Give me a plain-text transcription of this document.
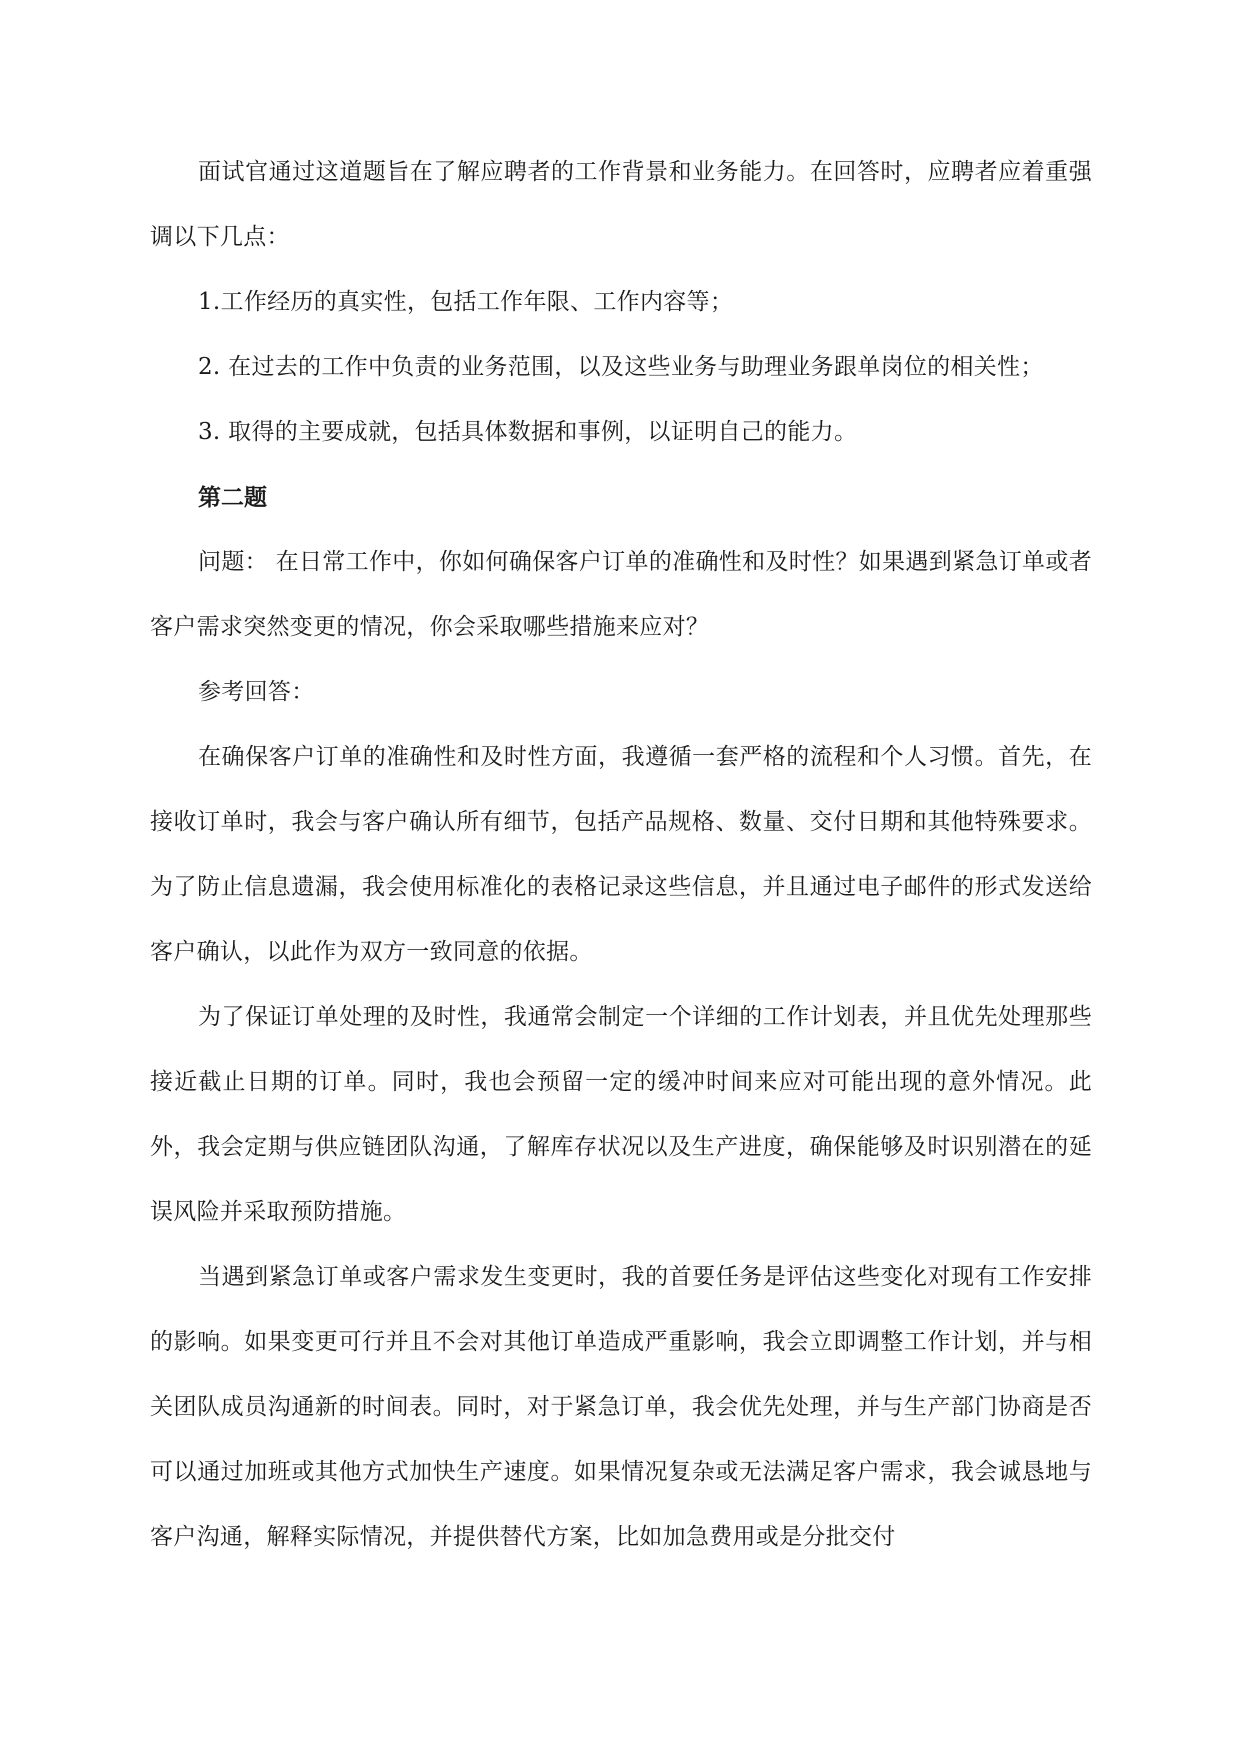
面试官通过这道题旨在了解应聘者的工作背景和业务能力。在回答时，应聘者应着重强调以下几点：

1.工作经历的真实性，包括工作年限、工作内容等；

2. 在过去的工作中负责的业务范围，以及这些业务与助理业务跟单岗位的相关性；

3. 取得的主要成就，包括具体数据和事例，以证明自己的能力。

第二题

问题： 在日常工作中，你如何确保客户订单的准确性和及时性？如果遇到紧急订单或者客户需求突然变更的情况，你会采取哪些措施来应对？

参考回答：

在确保客户订单的准确性和及时性方面，我遵循一套严格的流程和个人习惯。首先，在接收订单时，我会与客户确认所有细节，包括产品规格、数量、交付日期和其他特殊要求。为了防止信息遗漏，我会使用标准化的表格记录这些信息，并且通过电子邮件的形式发送给客户确认，以此作为双方一致同意的依据。

为了保证订单处理的及时性，我通常会制定一个详细的工作计划表，并且优先处理那些接近截止日期的订单。同时，我也会预留一定的缓冲时间来应对可能出现的意外情况。此外，我会定期与供应链团队沟通，了解库存状况以及生产进度，确保能够及时识别潜在的延误风险并采取预防措施。

当遇到紧急订单或客户需求发生变更时，我的首要任务是评估这些变化对现有工作安排的影响。如果变更可行并且不会对其他订单造成严重影响，我会立即调整工作计划，并与相关团队成员沟通新的时间表。同时，对于紧急订单，我会优先处理，并与生产部门协商是否可以通过加班或其他方式加快生产速度。如果情况复杂或无法满足客户需求，我会诚恳地与客户沟通，解释实际情况，并提供替代方案，比如加急费用或是分批交付
